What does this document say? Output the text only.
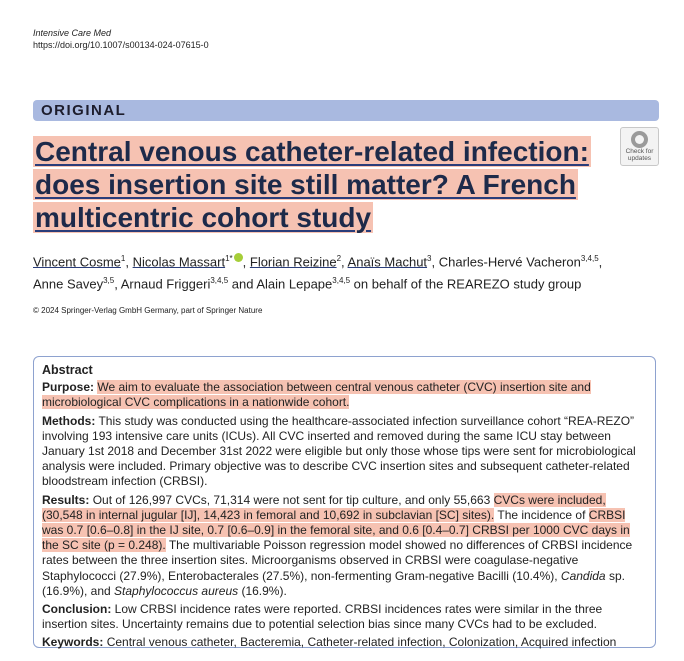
Intensive Care Med
https://doi.org/10.1007/s00134-024-07615-0
ORIGINAL
Check for
updates
Central venous catheter-related infection: does insertion site still matter? A French multicentric cohort study
Vincent Cosme$^1$, Nicolas Massart$^{1*}$ , Florian Reizine$^2$, Anaïs Machut$^3$, Charles-Hervé Vacheron$^{3,4,5}$, Anne Savey$^{3,5}$, Arnaud Friggeri$^{3,4,5}$ and Alain Lepape$^{3,4,5}$ on behalf of the REAREZO study group
© 2024 Springer-Verlag GmbH Germany, part of Springer Nature
Abstract

Purpose: We aim to evaluate the association between central venous catheter (CVC) insertion site and microbiological CVC complications in a nationwide cohort.

Methods: This study was conducted using the healthcare-associated infection surveillance cohort “REA-REZO” involving 193 intensive care units (ICUs). All CVC inserted and removed during the same ICU stay between January 1st 2018 and December 31st 2022 were eligible but only those whose tips were sent for microbiological analysis were included. Primary objective was to describe CVC insertion sites and subsequent catheter-related bloodstream infection (CRBSI).

Results: Out of 126,997 CVCs, 71,314 were not sent for tip culture, and only 55,663 CVCs were included, (30,548 in internal jugular [IJ], 14,423 in femoral and 10,692 in subclavian [SC] sites). The incidence of CRBSI was 0.7 [0.6–0.8] in the IJ site, 0.7 [0.6–0.9] in the femoral site, and 0.6 [0.4–0.7] CRBSI per 1000 CVC days in the SC site (p = 0.248). The multivariable Poisson regression model showed no differences of CRBSI incidence rates between the three insertion sites. Microorganisms observed in CRBSI were coagulase-negative Staphylococci (27.9%), Enterobacterales (27.5%), non-fermenting Gram-negative Bacilli (10.4%), Candida sp. (16.9%), and Staphylococcus aureus (16.9%).

Conclusion: Low CRBSI incidence rates were reported. CRBSI incidences rates were similar in the three insertion sites. Uncertainty remains due to potential selection bias since many CVCs had to be excluded.

Keywords: Central venous catheter, Bacteremia, Catheter-related infection, Colonization, Acquired infection
